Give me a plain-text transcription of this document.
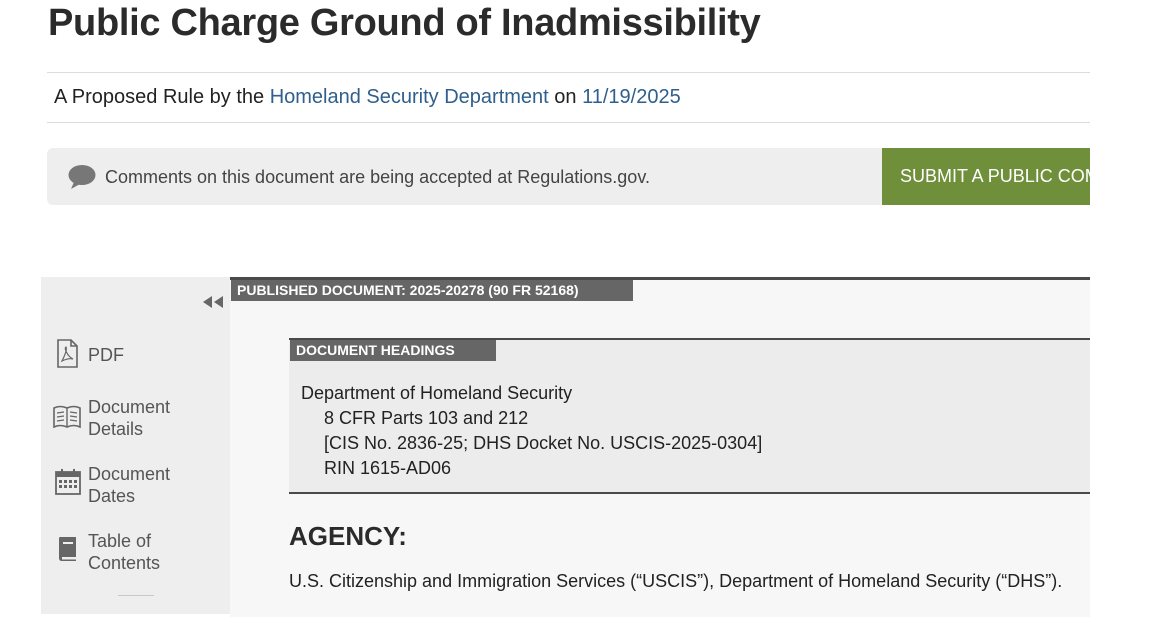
Public Charge Ground of Inadmissibility
A Proposed Rule by the Homeland Security Department on 11/19/2025
Comments on this document are being accepted at Regulations.gov.	SUBMIT A PUBLIC COMMENT
PDF
Document
Details
Document
Dates
Table of
Contents
PUBLISHED DOCUMENT: 2025-20278 (90 FR 52168)
DOCUMENT HEADINGS
Department of Homeland Security
8 CFR Parts 103 and 212
[CIS No. 2836-25; DHS Docket No. USCIS-2025-0304]
RIN 1615-AD06
AGENCY:
U.S. Citizenship and Immigration Services (“USCIS”), Department of Homeland Security (“DHS”).
